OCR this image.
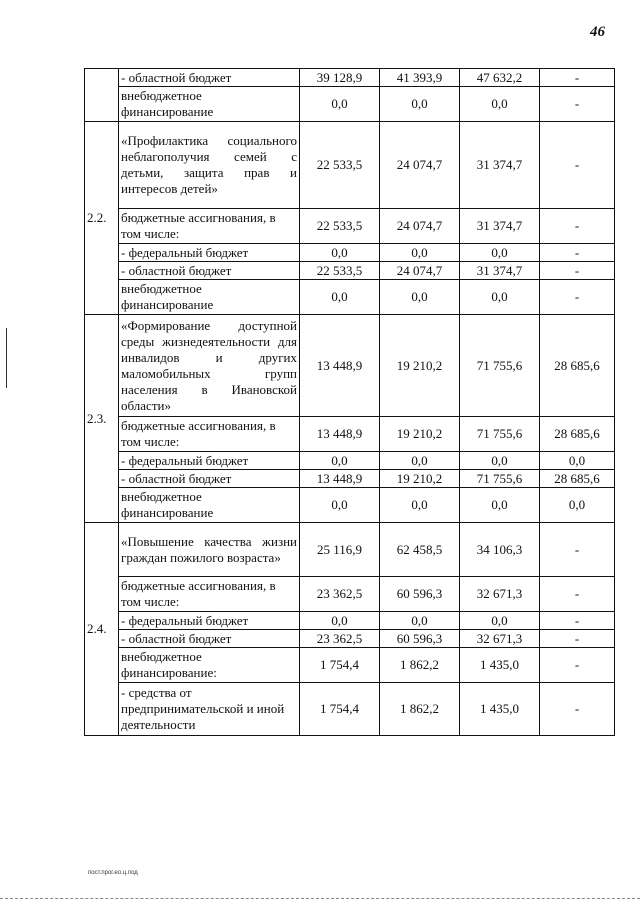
46
	- областной бюджет	39 128,9	41 393,9	47 632,2	-
	внебюджетное финансирование	0,0	0,0	0,0	-
2.2.	«Профилактика социального неблагополучия семей с детьми, защита прав и интересов детей»	22 533,5	24 074,7	31 374,7	-
	бюджетные ассигнования, в том числе:	22 533,5	24 074,7	31 374,7	-
	- федеральный бюджет	0,0	0,0	0,0	-
	- областной бюджет	22 533,5	24 074,7	31 374,7	-
	внебюджетное финансирование	0,0	0,0	0,0	-
2.3.	«Формирование доступной среды жизнедеятельности для инвалидов и других маломобильных групп населения в Ивановской области»	13 448,9	19 210,2	71 755,6	28 685,6
	бюджетные ассигнования, в том числе:	13 448,9	19 210,2	71 755,6	28 685,6
	- федеральный бюджет	0,0	0,0	0,0	0,0
	- областной бюджет	13 448,9	19 210,2	71 755,6	28 685,6
	внебюджетное финансирование	0,0	0,0	0,0	0,0
2.4.	«Повышение качества жизни граждан пожилого возраста»	25 116,9	62 458,5	34 106,3	-
	бюджетные ассигнования, в том числе:	23 362,5	60 596,3	32 671,3	-
	- федеральный бюджет	0,0	0,0	0,0	-
	- областной бюджет	23 362,5	60 596,3	32 671,3	-
	внебюджетное финансирование:	1 754,4	1 862,2	1 435,0	-
	- средства от предпринимательской и иной деятельности	1 754,4	1 862,2	1 435,0	-
пост.прог.ео.ц.под
